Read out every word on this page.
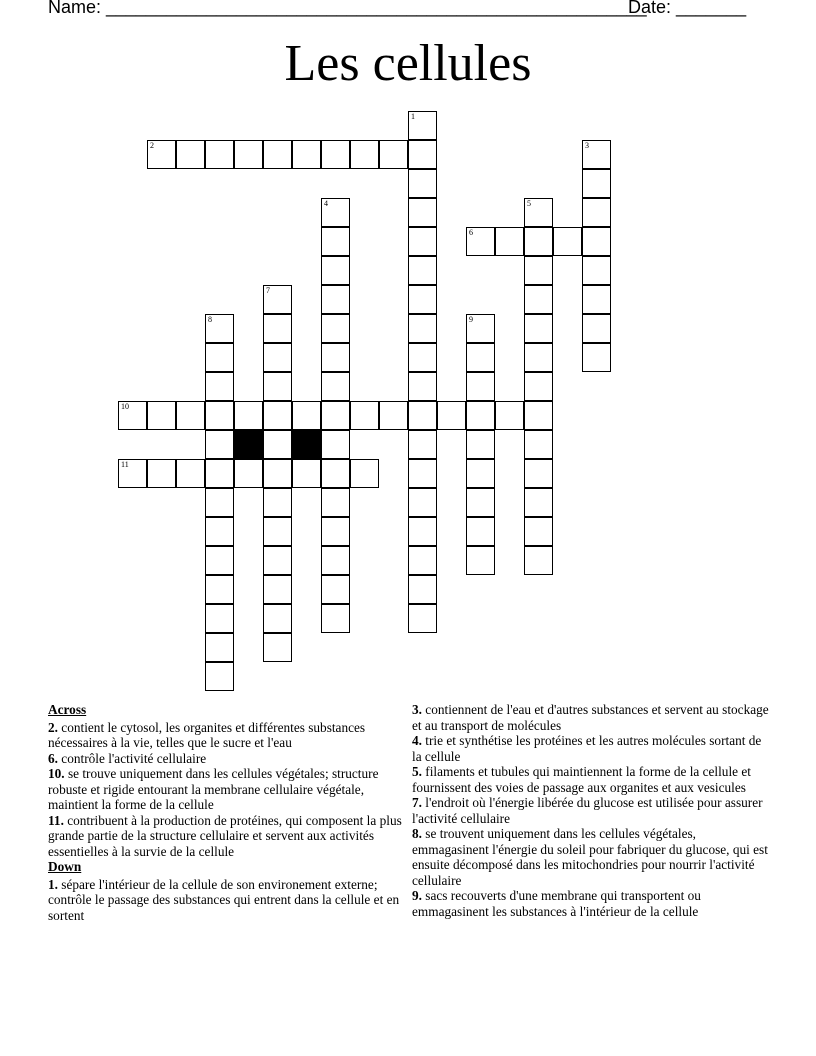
Name: ______________________________________________________
Date: _______
Les cellules
2
6
10
11
1
3
4	5
7
8	9
Across
2. contient le cytosol, les organites et différentes substances nécessaires à la vie, telles que le sucre et l'eau
6. contrôle l'activité cellulaire
10. se trouve uniquement dans les cellules végétales; structure robuste et rigide entourant la membrane cellulaire végétale, maintient la forme de la cellule
11. contribuent à la production de protéines, qui composent la plus grande partie de la structure cellulaire et servent aux activités essentielles à la survie de la cellule
Down
1. sépare l'intérieur de la cellule de son environement externe; contrôle le passage des substances qui entrent dans la cellule et en sortent
3. contiennent de l'eau et d'autres substances et servent au stockage et au transport de molécules
4. trie et synthétise les protéines et les autres molécules sortant de la cellule
5. filaments et tubules qui maintiennent la forme de la cellule et fournissent des voies de passage aux organites et aux vesicules
7. l'endroit où l'énergie libérée du glucose est utilisée pour assurer l'activité cellulaire
8. se trouvent uniquement dans les cellules végétales, emmagasinent l'énergie du soleil pour fabriquer du glucose, qui est ensuite décomposé dans les mitochondries pour nourrir l'activité cellulaire
9. sacs recouverts d'une membrane qui transportent ou emmagasinent les substances à l'intérieur de la cellule
